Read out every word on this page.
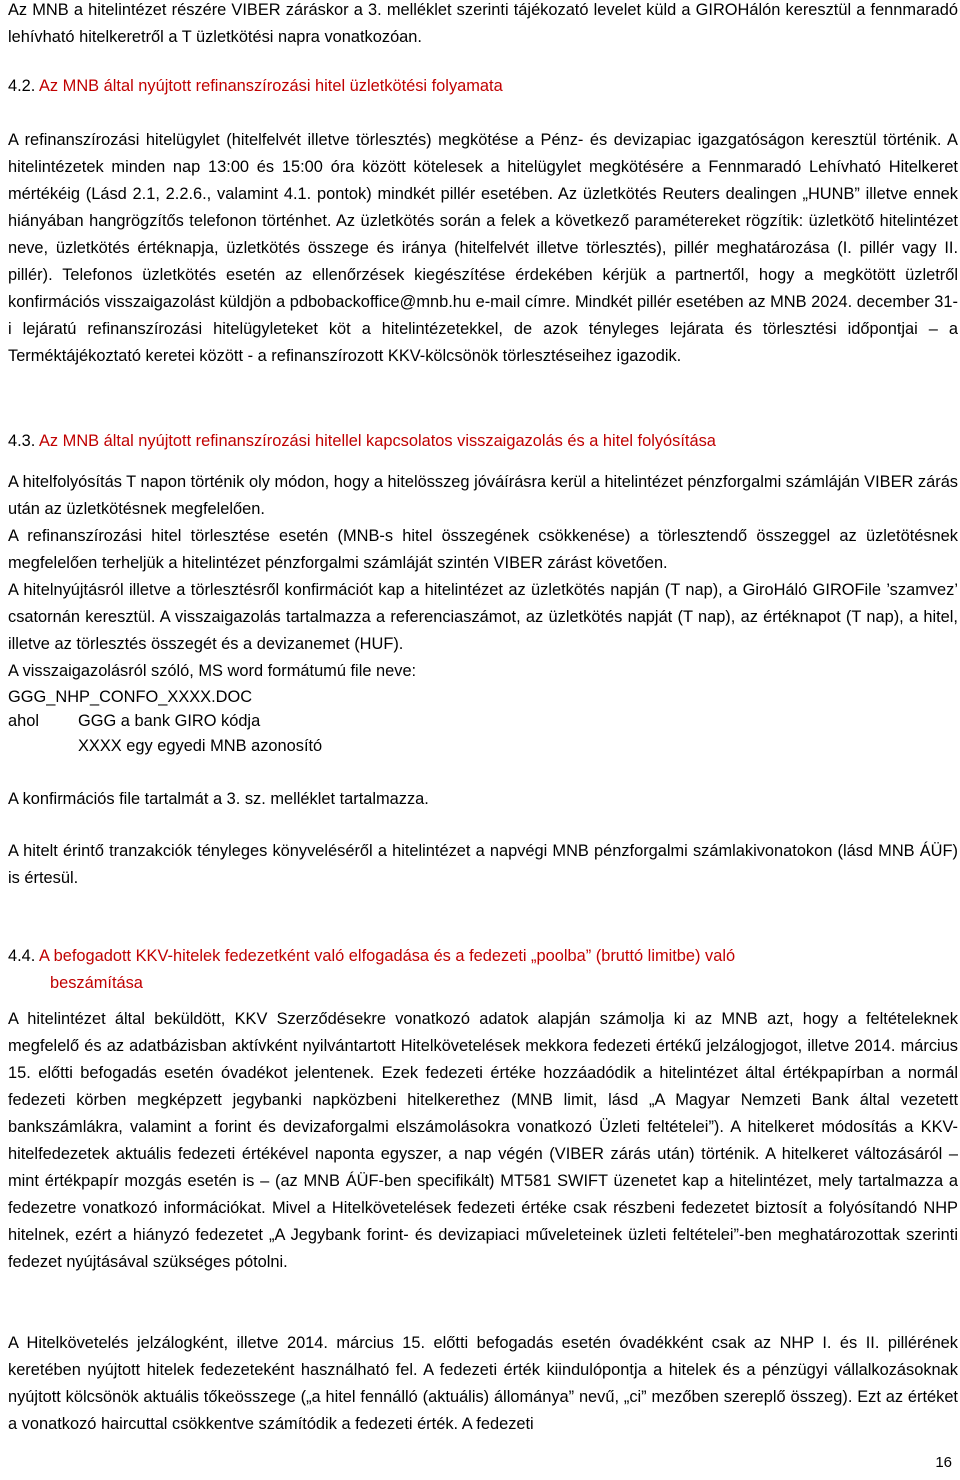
Az MNB a hitelintézet részére VIBER záráskor a 3. melléklet szerinti tájékozató levelet küld a GIROHálón keresztül a fennmaradó lehívható hitelkeretről a T üzletkötési napra vonatkozóan.

4.2. Az MNB által nyújtott refinanszírozási hitel üzletkötési folyamata

A refinanszírozási hitelügylet (hitelfelvét illetve törlesztés) megkötése a Pénz- és devizapiac igazgatóságon keresztül történik. A hitelintézetek minden nap 13:00 és 15:00 óra között kötelesek a hitelügylet megkötésére a Fennmaradó Lehívható Hitelkeret mértékéig (Lásd 2.1, 2.2.6., valamint 4.1. pontok) mindkét pillér esetében. Az üzletkötés Reuters dealingen „HUNB” illetve ennek hiányában hangrögzítős telefonon történhet. Az üzletkötés során a felek a következő paramétereket rögzítik: üzletkötő hitelintézet neve, üzletkötés értéknapja, üzletkötés összege és iránya (hitelfelvét illetve törlesztés), pillér meghatározása (I. pillér vagy II. pillér). Telefonos üzletkötés esetén az ellenőrzések kiegészítése érdekében kérjük a partnertől, hogy a megkötött üzletről konfirmációs visszaigazolást küldjön a pdbobackoffice@mnb.hu e-mail címre. Mindkét pillér esetében az MNB 2024. december 31-i lejáratú refinanszírozási hitelügyleteket köt a hitelintézetekkel, de azok tényleges lejárata és törlesztési időpontjai – a Terméktájékoztató keretei között - a refinanszírozott KKV-kölcsönök törlesztéseihez igazodik.

4.3. Az MNB által nyújtott refinanszírozási hitellel kapcsolatos visszaigazolás és a hitel folyósítása

A hitelfolyósítás T napon történik oly módon, hogy a hitelösszeg jóváírásra kerül a hitelintézet pénzforgalmi számláján VIBER zárás után az üzletkötésnek megfelelően.

A refinanszírozási hitel törlesztése esetén (MNB-s hitel összegének csökkenése) a törlesztendő összeggel az üzletötésnek megfelelően terheljük a hitelintézet pénzforgalmi számláját szintén VIBER zárást követően.

A hitelnyújtásról illetve a törlesztésről konfirmációt kap a hitelintézet az üzletkötés napján (T nap), a GiroHáló GIROFile ’szamvez’ csatornán keresztül. A visszaigazolás tartalmazza a referenciaszámot, az üzletkötés napját (T nap), az értéknapot (T nap), a hitel, illetve az törlesztés összegét és a devizanemet (HUF).

A visszaigazolásról szóló, MS word formátumú file neve:

GGG_NHP_CONFO_XXXX.DOC

ahol GGG a bank GIRO kódja

XXXX egy egyedi MNB azonosító

A konfirmációs file tartalmát a 3. sz. melléklet tartalmazza.

A hitelt érintő tranzakciók tényleges könyveléséről a hitelintézet a napvégi MNB pénzforgalmi számlakivonatokon (lásd MNB ÁÜF) is értesül.

4.4. A befogadott KKV-hitelek fedezetként való elfogadása és a fedezeti „poolba” (bruttó limitbe) való

beszámítása

A hitelintézet által beküldött, KKV Szerződésekre vonatkozó adatok alapján számolja ki az MNB azt, hogy a feltételeknek megfelelő és az adatbázisban aktívként nyilvántartott Hitelkövetelések mekkora fedezeti értékű jelzálogjogot, illetve 2014. március 15. előtti befogadás esetén óvadékot jelentenek. Ezek fedezeti értéke hozzáadódik a hitelintézet által értékpapírban a normál fedezeti körben megképzett jegybanki napközbeni hitelkerethez (MNB limit, lásd „A Magyar Nemzeti Bank által vezetett bankszámlákra, valamint a forint és devizaforgalmi elszámolásokra vonatkozó Üzleti feltételei”). A hitelkeret módosítás a KKV-hitelfedezetek aktuális fedezeti értékével naponta egyszer, a nap végén (VIBER zárás után) történik. A hitelkeret változásáról – mint értékpapír mozgás esetén is – (az MNB ÁÜF-ben specifikált) MT581 SWIFT üzenetet kap a hitelintézet, mely tartalmazza a fedezetre vonatkozó információkat. Mivel a Hitelkövetelések fedezeti értéke csak részbeni fedezetet biztosít a folyósítandó NHP hitelnek, ezért a hiányzó fedezetet „A Jegybank forint- és devizapiaci műveleteinek üzleti feltételei”-ben meghatározottak szerinti fedezet nyújtásával szükséges pótolni.

A Hitelkövetelés jelzálogként, illetve 2014. március 15. előtti befogadás esetén óvadékként csak az NHP I. és II. pillérének keretében nyújtott hitelek fedezeteként használható fel. A fedezeti érték kiindulópontja a hitelek és a pénzügyi vállalkozásoknak nyújtott kölcsönök aktuális tőkeösszege („a hitel fennálló (aktuális) állománya” nevű, „ci” mezőben szereplő összeg). Ezt az értéket a vonatkozó haircuttal csökkentve számítódik a fedezeti érték. A fedezeti

16
